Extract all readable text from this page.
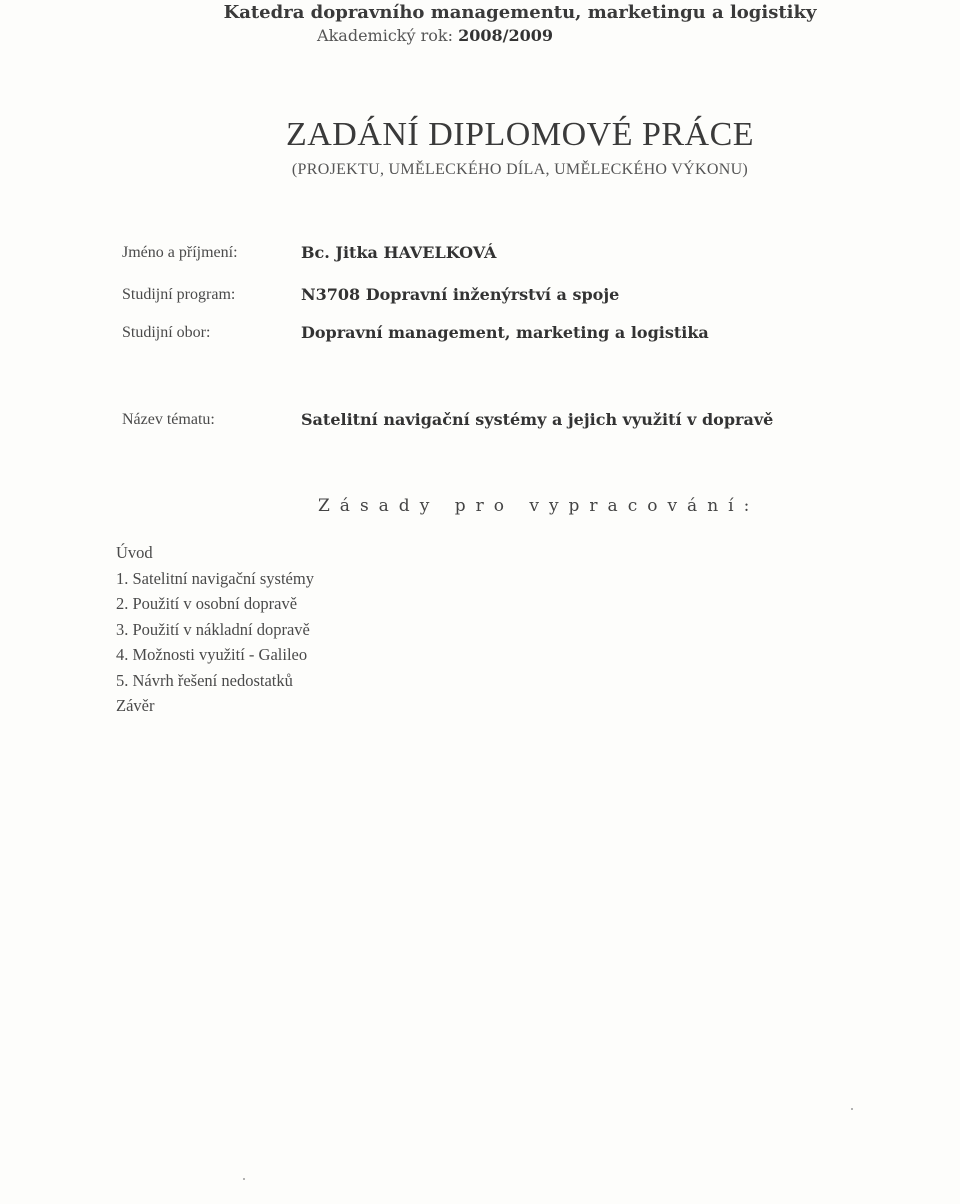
Katedra dopravního managementu, marketingu a logistiky
Akademický rok: 2008/2009
ZADÁNÍ DIPLOMOVÉ PRÁCE
(PROJEKTU, UMĚLECKÉHO DÍLA, UMĚLECKÉHO VÝKONU)
Jméno a příjmení:	Bc. Jitka HAVELKOVÁ
Studijní program:	N3708 Dopravní inženýrství a spoje
Studijní obor:	Dopravní management, marketing a logistika
Název tématu:	Satelitní navigační systémy a jejich využití v dopravě
Zásady pro vypracování:
Úvod
1. Satelitní navigační systémy
2. Použití v osobní dopravě
3. Použití v nákladní dopravě
4. Možnosti využití - Galileo
5. Návrh řešení nedostatků
Závěr
